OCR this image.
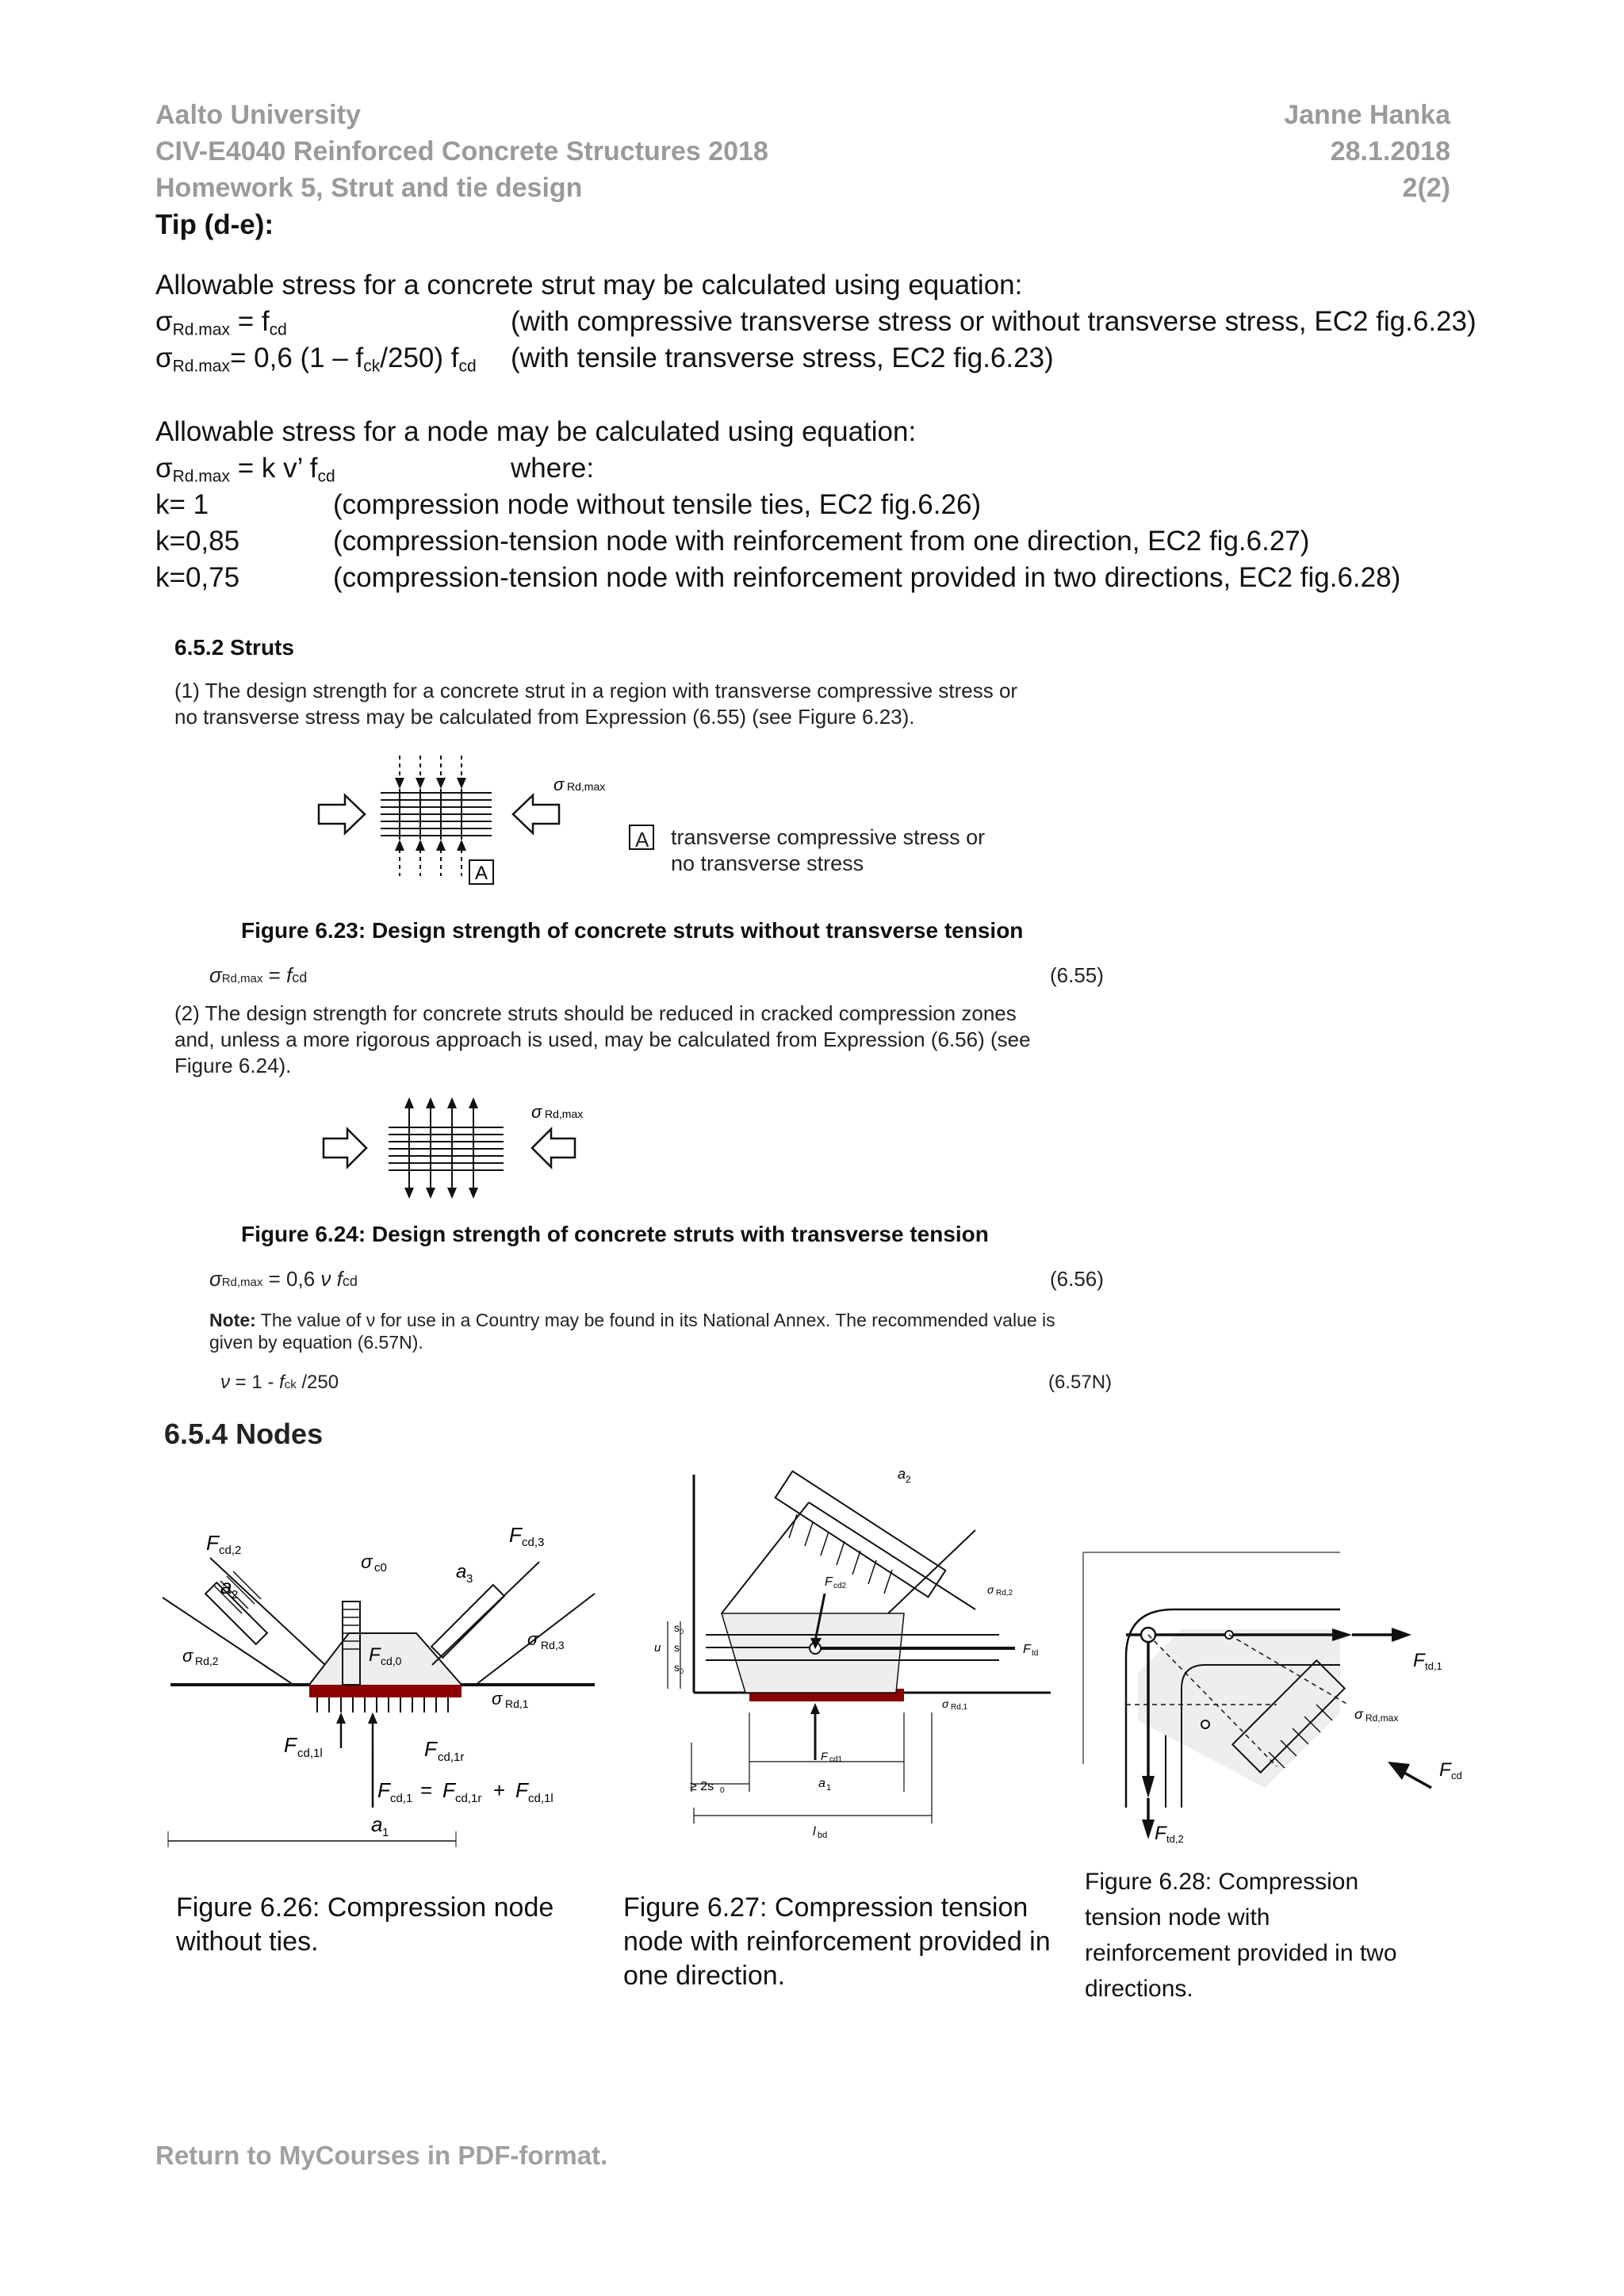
Aalto University
CIV-E4040 Reinforced Concrete Structures 2018
Homework 5, Strut and tie design
Janne Hanka
28.1.2018
2(2)
Tip (d-e):
Allowable stress for a concrete strut may be calculated using equation:
$\sigma_{Rd.max} = f_{cd}$	(with compressive transverse stress or without transverse stress, EC2 fig.6.23)
$\sigma_{Rd.max}= 0,6$ $(1 - f_{ck}/250)$ $f_{cd}$ (with tensile transverse stress, EC2 fig.6.23)
Allowable stress for a node may be calculated using equation:
$\sigma_{Rd.max} = k$ v’ $f_{cd}$	where:
k= 1	(compression node without tensile ties, EC2 fig.6.26)
k=0,85	(compression-tension node with reinforcement from one direction, EC2 fig.6.27)
k=0,75	(compression-tension node with reinforcement provided in two directions, EC2 fig.6.28)
6.5.2 Struts
(1) The design strength for a concrete strut in a region with transverse compressive stress or
no transverse stress may be calculated from Expression (6.55) (see Figure 6.23).
σ Rd,max
A
A transverse compressive stress or
no transverse stress
Figure 6.23: Design strength of concrete struts without transverse tension
σRd,max = fcd	(6.55)
(2) The design strength for concrete struts should be reduced in cracked compression zones
and, unless a more rigorous approach is used, may be calculated from Expression (6.56) (see
Figure 6.24).
σ Rd,max
Figure 6.24: Design strength of concrete struts with transverse tension
σRd,max = 0,6 ν fcd	(6.56)
Note: The value of ν for use in a Country may be found in its National Annex. The recommended value is
given by equation (6.57N).
ν = 1 - fck /250	(6.57N)
6.5.4 Nodes
F cd,2
a 2
σ Rd,2
σ c0
F cd,3
a 3
σ Rd,3
F cd,0
σ Rd,1
F cd,1l	F cd,1r
F cd,1 = F cd,1r + F cd,1l
a 1
a 2
F cd2	σ Rd,2
F td
σ Rd,1
F cd1
s 0
s
s 0
u
≥ 2s 0
a 1
l bd
F td,1
σ Rd,max
F cd
F td,2
Figure 6.26: Compression node without ties.
Figure 6.27: Compression tension node with reinforcement provided in one direction.
Figure 6.28: Compression tension node with reinforcement provided in two directions.
Return to MyCourses in PDF-format.
